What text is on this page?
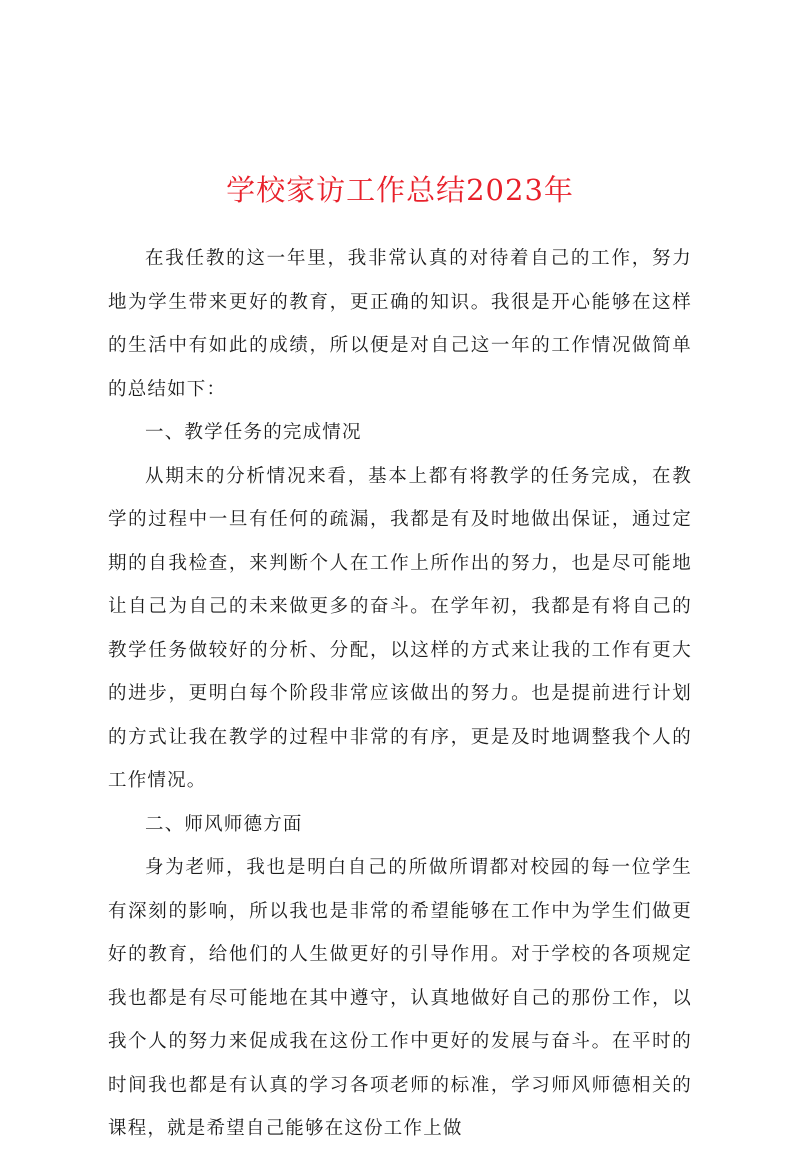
学校家访工作总结2023年

在我任教的这一年里，我非常认真的对待着自己的工作，努力地为学生带来更好的教育，更正确的知识。我很是开心能够在这样的生活中有如此的成绩，所以便是对自己这一年的工作情况做简单的总结如下：

一、教学任务的完成情况

从期末的分析情况来看，基本上都有将教学的任务完成，在教学的过程中一旦有任何的疏漏，我都是有及时地做出保证，通过定期的自我检查，来判断个人在工作上所作出的努力，也是尽可能地让自己为自己的未来做更多的奋斗。在学年初，我都是有将自己的教学任务做较好的分析、分配，以这样的方式来让我的工作有更大的进步，更明白每个阶段非常应该做出的努力。也是提前进行计划的方式让我在教学的过程中非常的有序，更是及时地调整我个人的工作情况。

二、师风师德方面

身为老师，我也是明白自己的所做所谓都对校园的每一位学生有深刻的影响，所以我也是非常的希望能够在工作中为学生们做更好的教育，给他们的人生做更好的引导作用。对于学校的各项规定我也都是有尽可能地在其中遵守，认真地做好自己的那份工作，以我个人的努力来促成我在这份工作中更好的发展与奋斗。在平时的时间我也都是有认真的学习各项老师的标准，学习师风师德相关的课程，就是希望自己能够在这份工作上做
